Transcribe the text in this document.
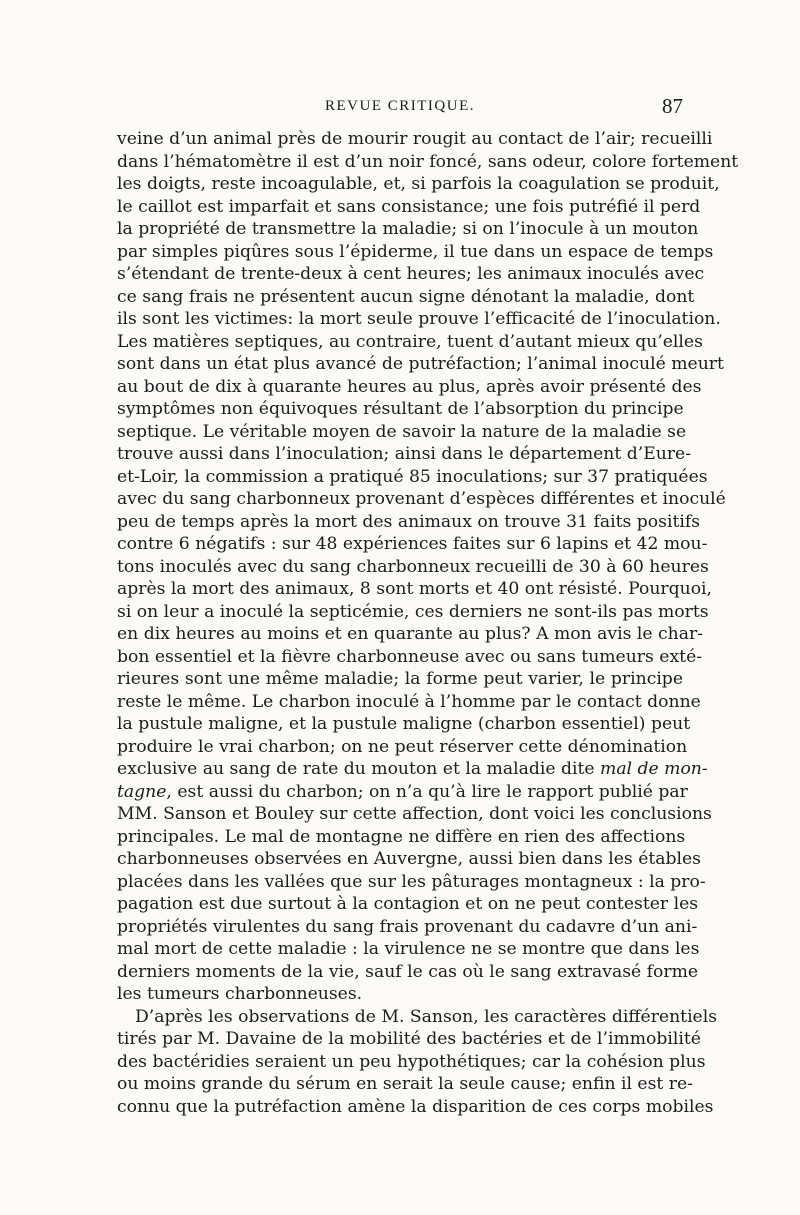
REVUE CRITIQUE.	87
veine d’un animal près de mourir rougit au contact de l’air; recueilli
dans l’hématomètre il est d’un noir foncé, sans odeur, colore fortement
les doigts, reste incoagulable, et, si parfois la coagulation se produit,
le caillot est imparfait et sans consistance; une fois putréfié il perd
la propriété de transmettre la maladie; si on l’inocule à un mouton
par simples piqûres sous l’épiderme, il tue dans un espace de temps
s’étendant de trente-deux à cent heures; les animaux inoculés avec
ce sang frais ne présentent aucun signe dénotant la maladie, dont
ils sont les victimes: la mort seule prouve l’efficacité de l’inoculation.
Les matières septiques, au contraire, tuent d’autant mieux qu’elles
sont dans un état plus avancé de putréfaction; l’animal inoculé meurt
au bout de dix à quarante heures au plus, après avoir présenté des
symptômes non équivoques résultant de l’absorption du principe
septique. Le véritable moyen de savoir la nature de la maladie se
trouve aussi dans l’inoculation; ainsi dans le département d’Eure-
et-Loir, la commission a pratiqué 85 inoculations; sur 37 pratiquées
avec du sang charbonneux provenant d’espèces différentes et inoculé
peu de temps après la mort des animaux on trouve 31 faits positifs
contre 6 négatifs : sur 48 expériences faites sur 6 lapins et 42 mou-
tons inoculés avec du sang charbonneux recueilli de 30 à 60 heures
après la mort des animaux, 8 sont morts et 40 ont résisté. Pourquoi,
si on leur a inoculé la septicémie, ces derniers ne sont-ils pas morts
en dix heures au moins et en quarante au plus? A mon avis le char-
bon essentiel et la fièvre charbonneuse avec ou sans tumeurs exté-
rieures sont une même maladie; la forme peut varier, le principe
reste le même. Le charbon inoculé à l’homme par le contact donne
la pustule maligne, et la pustule maligne (charbon essentiel) peut
produire le vrai charbon; on ne peut réserver cette dénomination
exclusive au sang de rate du mouton et la maladie dite mal de mon-
tagne, est aussi du charbon; on n’a qu’à lire le rapport publié par
MM. Sanson et Bouley sur cette affection, dont voici les conclusions
principales. Le mal de montagne ne diffère en rien des affections
charbonneuses observées en Auvergne, aussi bien dans les étables
placées dans les vallées que sur les pâturages montagneux : la pro-
pagation est due surtout à la contagion et on ne peut contester les
propriétés virulentes du sang frais provenant du cadavre d’un ani-
mal mort de cette maladie : la virulence ne se montre que dans les
derniers moments de la vie, sauf le cas où le sang extravasé forme
les tumeurs charbonneuses.
D’après les observations de M. Sanson, les caractères différentiels
tirés par M. Davaine de la mobilité des bactéries et de l’immobilité
des bactéridies seraient un peu hypothétiques; car la cohésion plus
ou moins grande du sérum en serait la seule cause; enfin il est re-
connu que la putréfaction amène la disparition de ces corps mobiles
